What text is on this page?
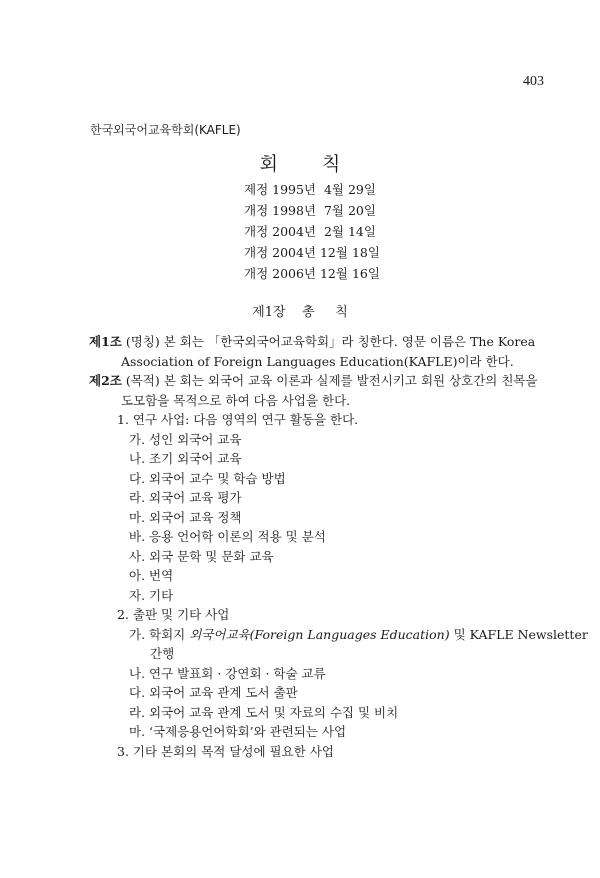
403
한국외국어교육학회(KAFLE)
회 칙
제정 1995년  4월 29일
개정 1998년  7월 20일
개정 2004년  2월 14일
개정 2004년 12월 18일
개정 2006년 12월 16일
제1장    총     칙
제1조 (명칭) 본 회는 「한국외국어교육학회」라 칭한다. 영문 이름은 The Korea
Association of Foreign Languages Education(KAFLE)이라 한다.
제2조 (목적) 본 회는 외국어 교육 이론과 실제를 발전시키고 회원 상호간의 친목을
도모함을 목적으로 하여 다음 사업을 한다.
1. 연구 사업: 다음 영역의 연구 활동을 한다.
가. 성인 외국어 교육
나. 조기 외국어 교육
다. 외국어 교수 및 학습 방법
라. 외국어 교육 평가
마. 외국어 교육 정책
바. 응용 언어학 이론의 적용 및 분석
사. 외국 문학 및 문화 교육
아. 번역
자. 기타
2. 출판 및 기타 사업
가. 학회지 외국어교육(Foreign Languages Education) 및 KAFLE Newsletter
간행
나. 연구 발표회 · 강연회 · 학술 교류
다. 외국어 교육 관계 도서 출판
라. 외국어 교육 관계 도서 및 자료의 수집 및 비치
마. ‘국제응용언어학회’와 관련되는 사업
3. 기타 본회의 목적 달성에 필요한 사업
